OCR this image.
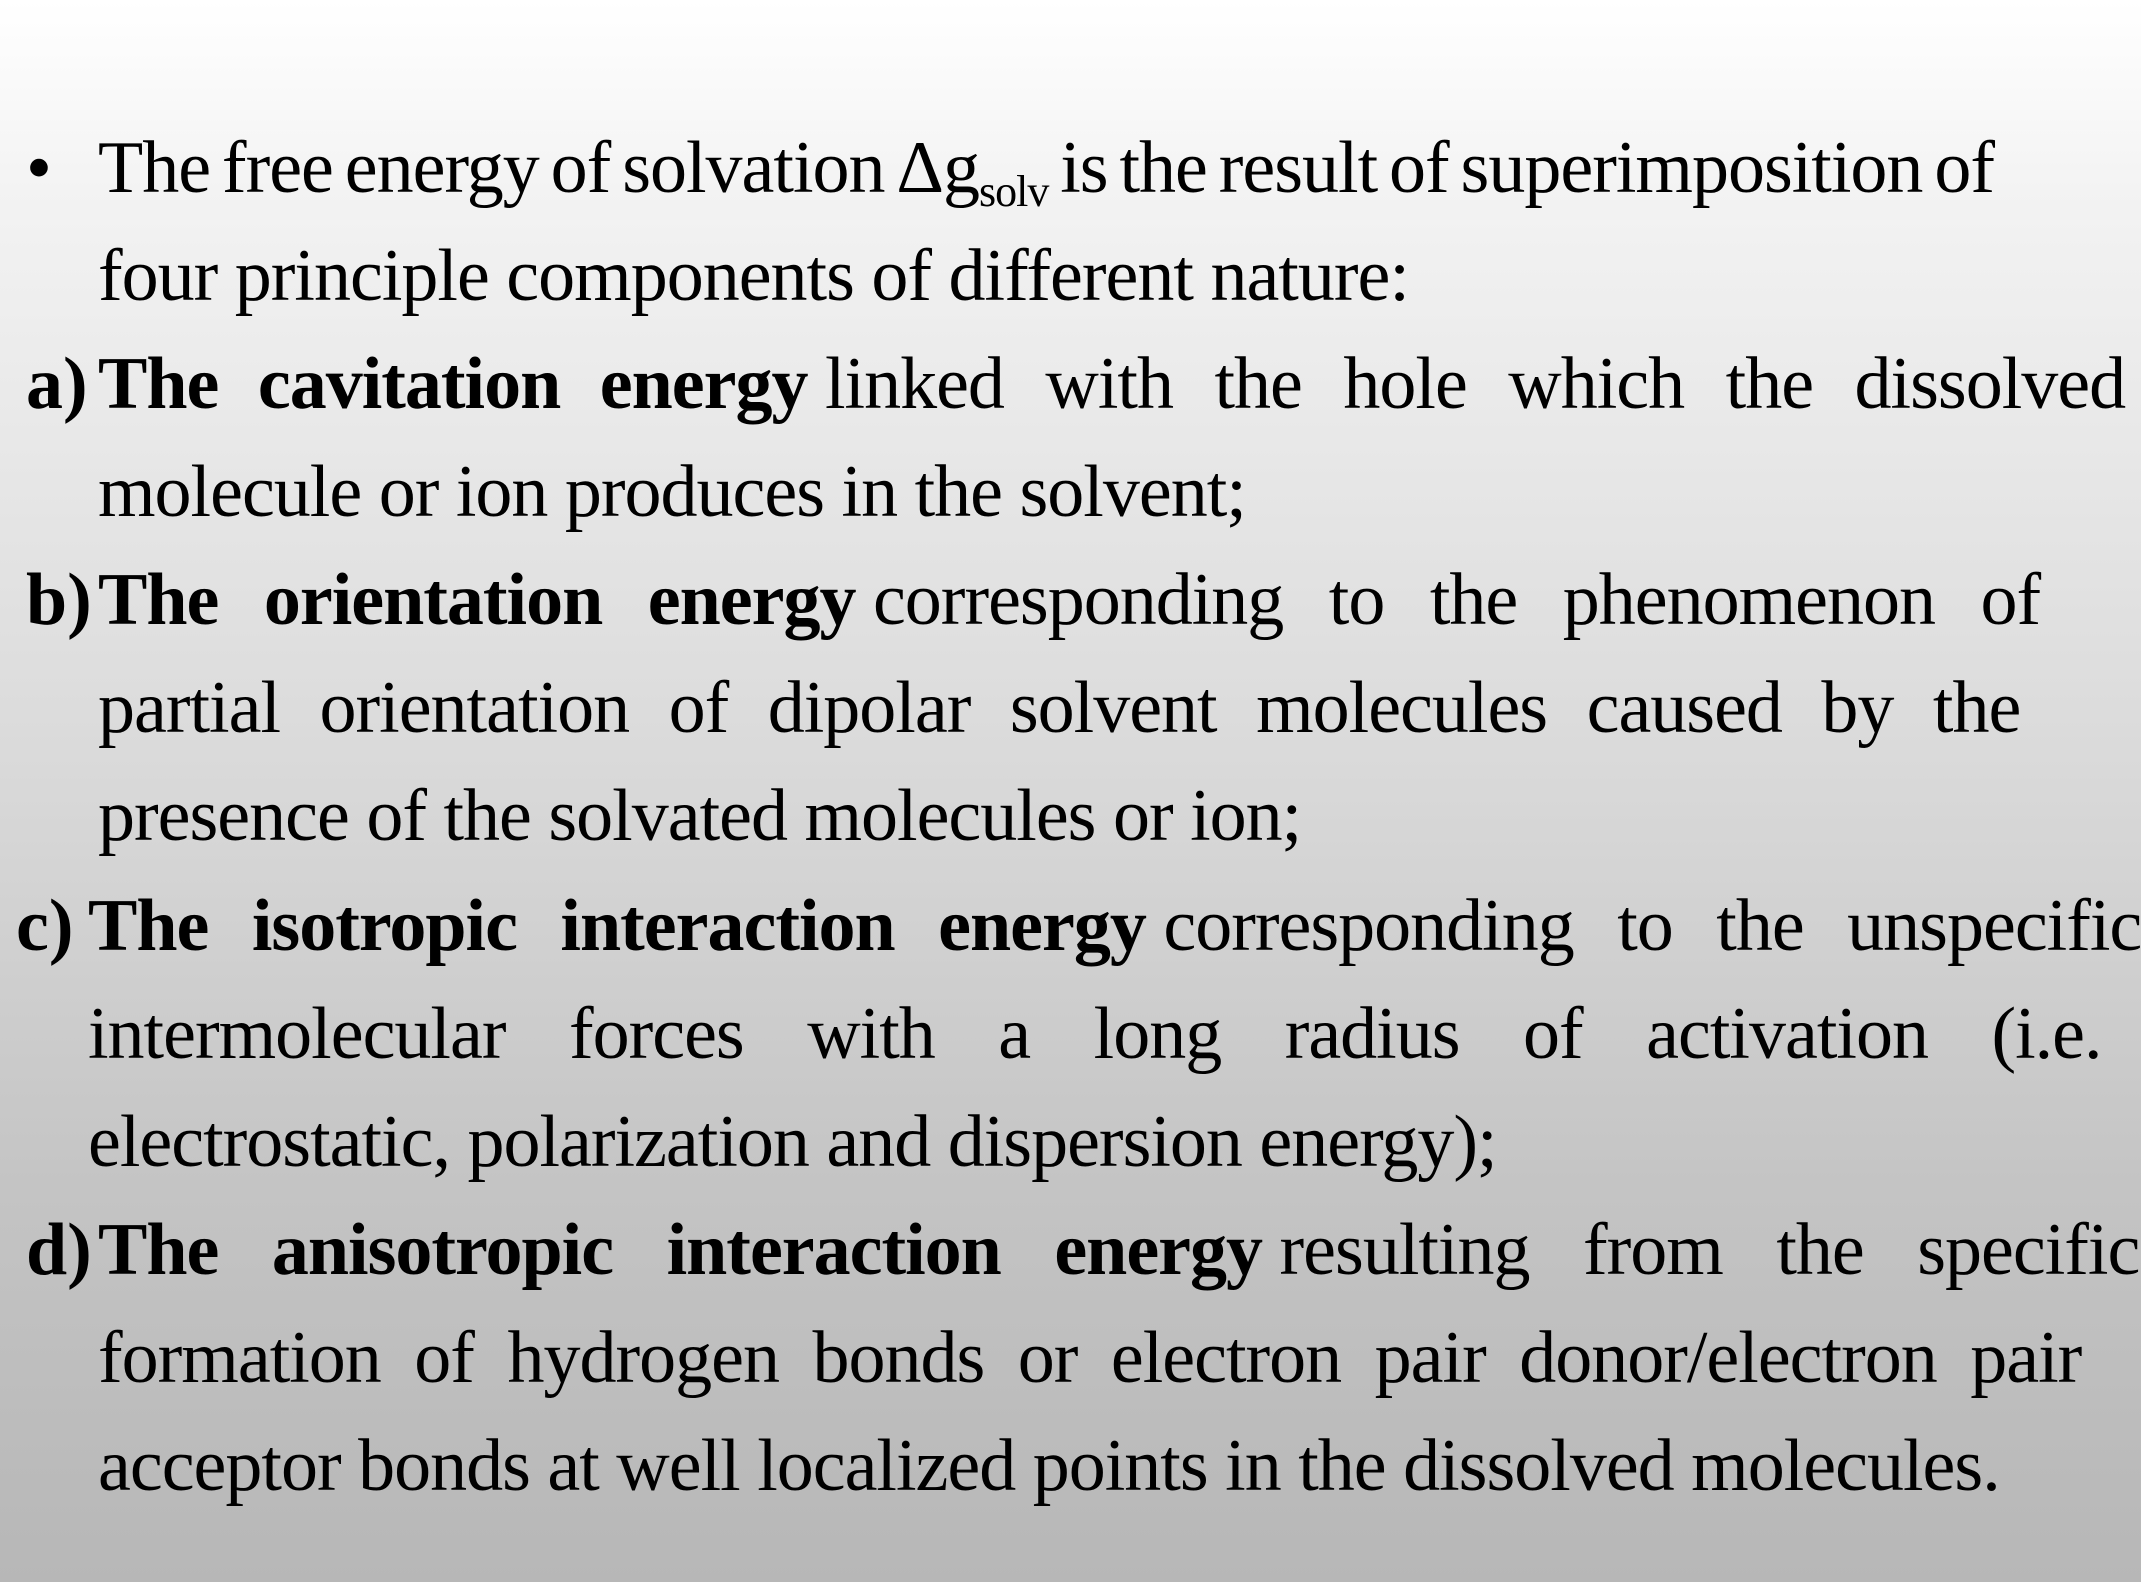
• The free energy of solvation $\Delta g_{solv}$ is the result of superimposition of
four principle components of different nature:
a) The cavitation energy linked with the hole which the dissolved
molecule or ion produces in the solvent;
b) The orientation energy corresponding to the phenomenon of
partial orientation of dipolar solvent molecules caused by the
presence of the solvated molecules or ion;
c) The isotropic interaction energy corresponding to the unspecific
intermolecular forces with a long radius of activation (i.e.
electrostatic, polarization and dispersion energy);
d) The anisotropic interaction energy resulting from the specific
formation of hydrogen bonds or electron pair donor/electron pair
acceptor bonds at well localized points in the dissolved molecules.
